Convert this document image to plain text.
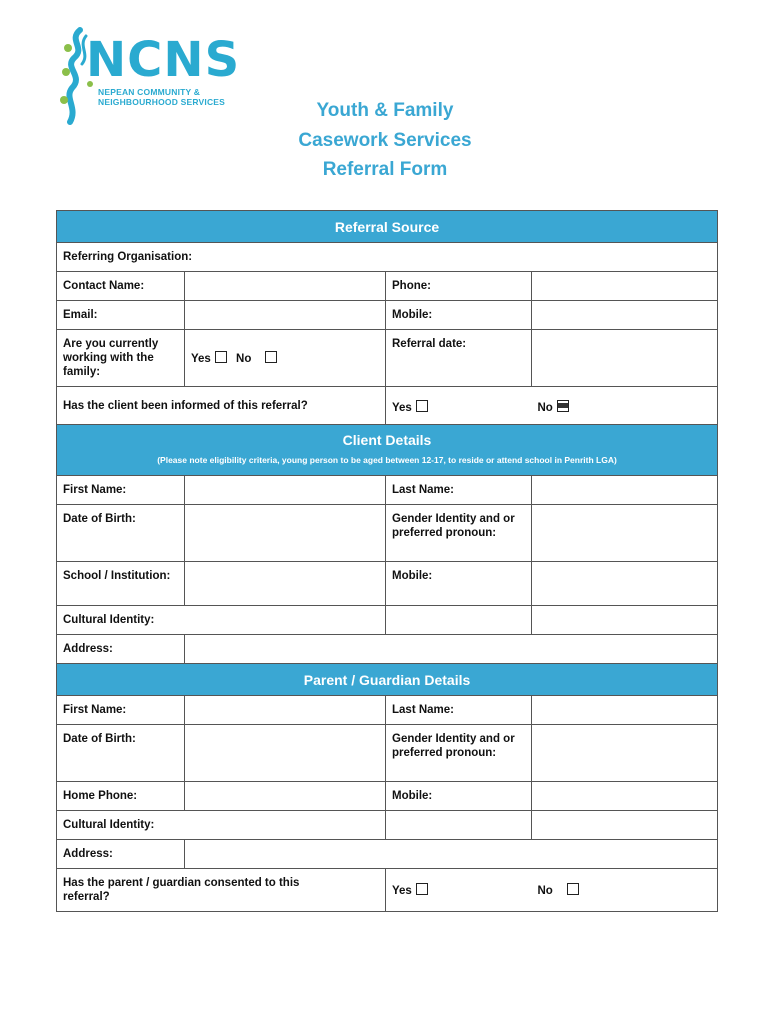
NCNS
NEPEAN COMMUNITY &
NEIGHBOURHOOD SERVICES	Youth & Family
Casework Services
Referral Form
Referral Source			
Referring Organisation:			
Contact Name:		Phone:	
Email:		Mobile:	
Are you currently working with the family:	Yes No	Referral date:	
Has the client been informed of this referral?		Yes	No
Client Details
(Please note eligibility criteria, young person to be aged between 12-17, to reside or attend school in Penrith LGA)			

First Name:		Last Name:	
Date of Birth:		Gender Identity and or preferred pronoun:	
School / Institution:		Mobile:	
Cultural Identity:			
Address:			
Parent / Guardian Details			
First Name:		Last Name:	
Date of Birth:		Gender Identity and or preferred pronoun:	
Home Phone:		Mobile:	
Cultural Identity:			
Address:			
Has the parent / guardian consented to this referral?		Yes	No
